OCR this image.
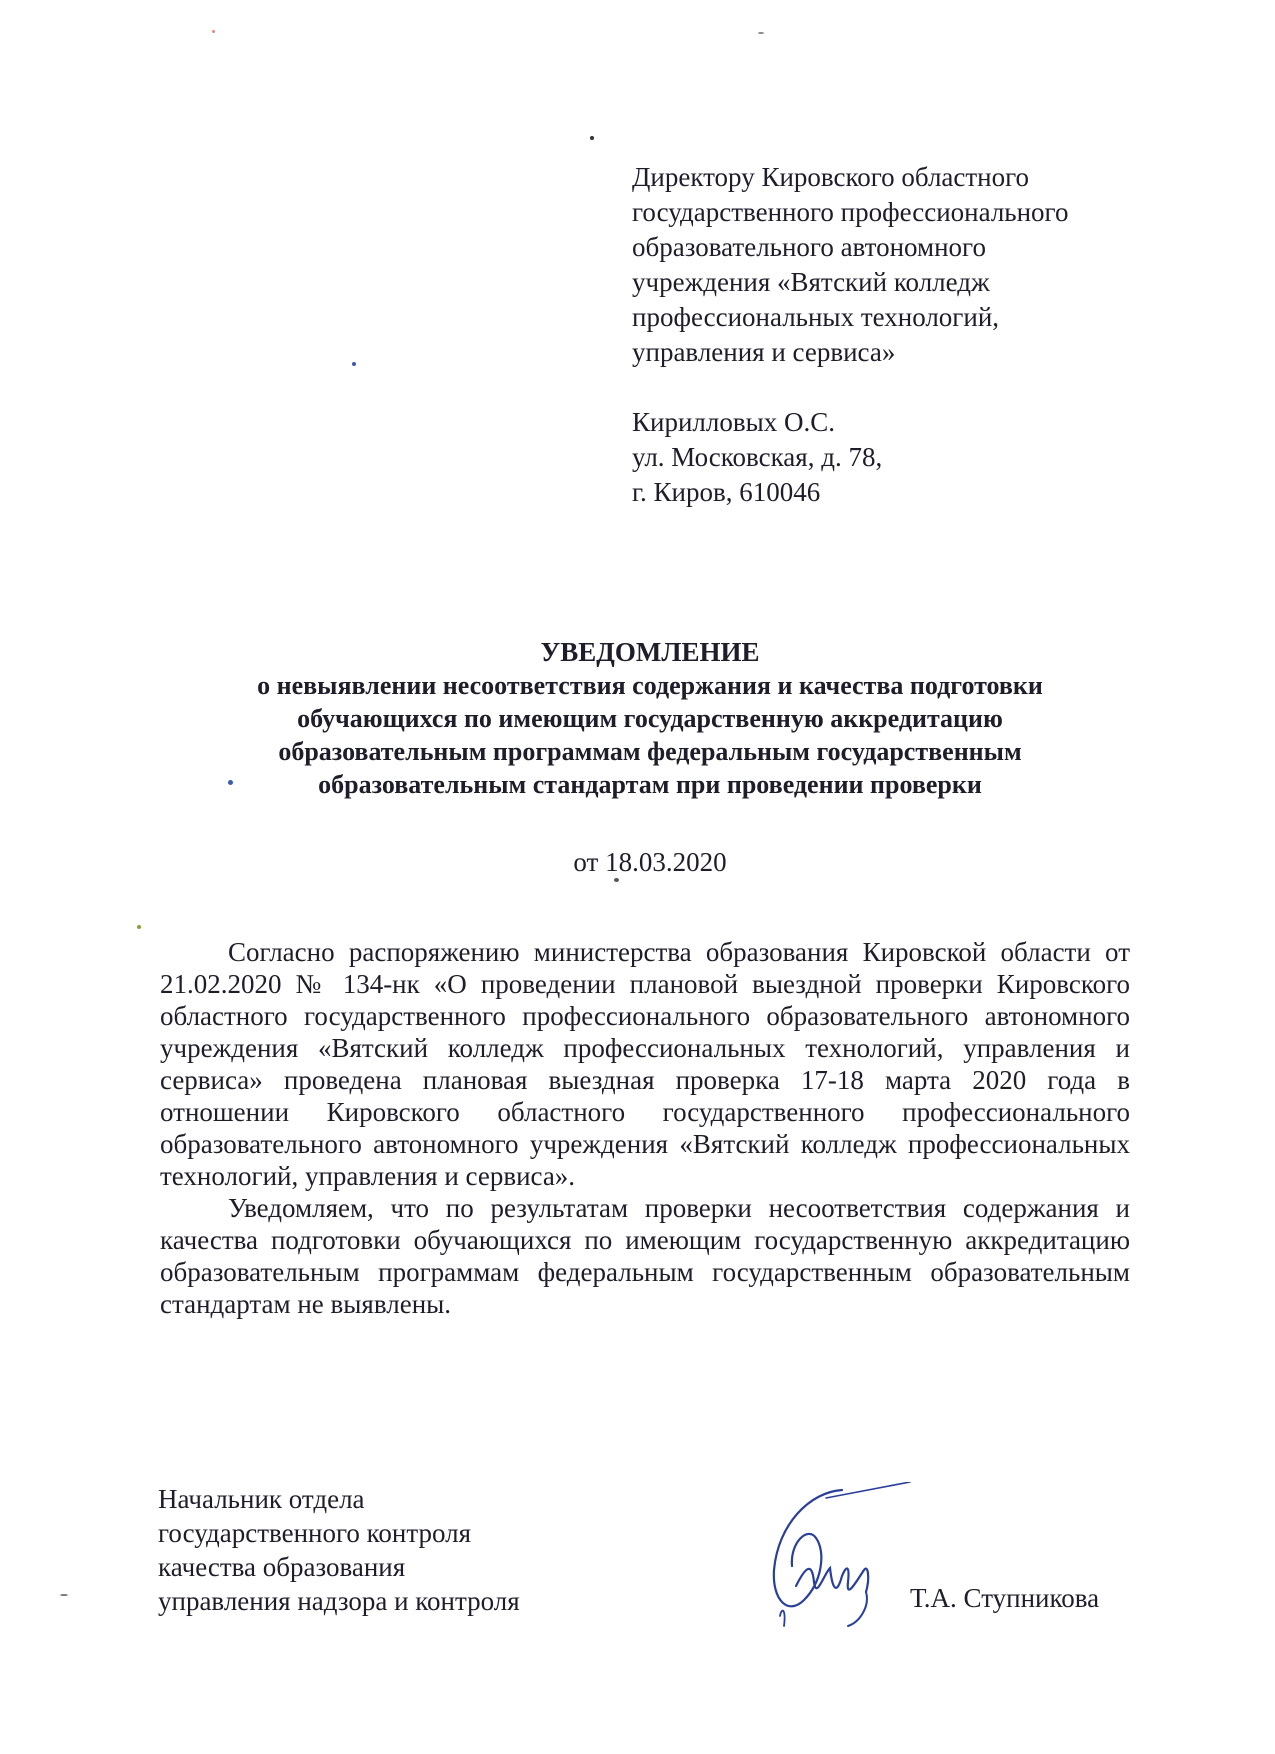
Директору Кировского областного
государственного профессионального
образовательного автономного
учреждения «Вятский колледж
профессиональных технологий,
управления и сервиса»
Кирилловых О.С.
ул. Московская, д. 78,
г. Киров, 610046
УВЕДОМЛЕНИЕ
о невыявлении несоответствия содержания и качества подготовки
обучающихся по имеющим государственную аккредитацию
образовательным программам федеральным государственным
образовательным стандартам при проведении проверки
от 18.03.2020

Согласно распоряжению министерства образования Кировской области от 21.02.2020 № 134-нк «О проведении плановой выездной проверки Кировского областного государственного профессионального образовательного автономного учреждения «Вятский колледж профессиональных технологий, управления и сервиса» проведена плановая выездная проверка 17-18 марта 2020 года в отношении Кировского областного государственного профессионального образовательного автономного учреждения «Вятский колледж профессиональных технологий, управления и сервиса».

Уведомляем, что по результатам проверки несоответствия содержания и качества подготовки обучающихся по имеющим государственную аккредитацию образовательным программам федеральным государственным образовательным стандартам не выявлены.

Начальник отдела
государственного контроля
качества образования
управления надзора и контроля	Т.А. Ступникова
